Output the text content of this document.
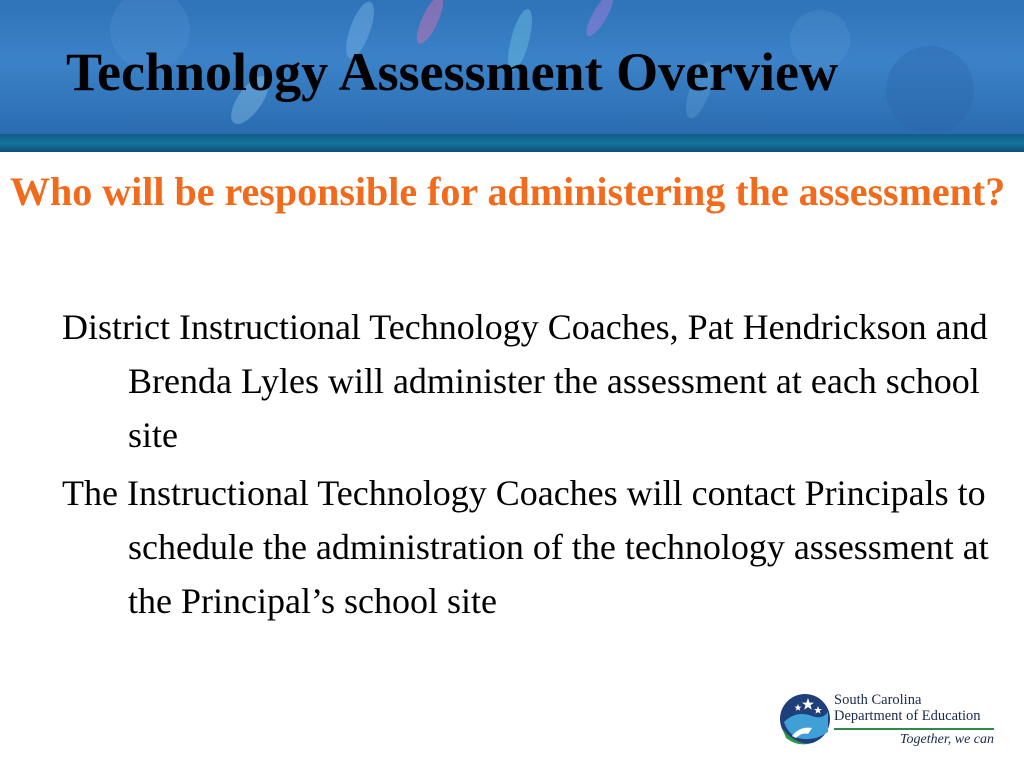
Technology Assessment Overview
Who will be responsible for administering the assessment?
District Instructional Technology Coaches, Pat Hendrickson and Brenda Lyles will administer the assessment at each school site
The Instructional Technology Coaches will contact Principals to schedule the administration of the technology assessment at the Principal’s school site
South Carolina
Department of Education
Together, we can
